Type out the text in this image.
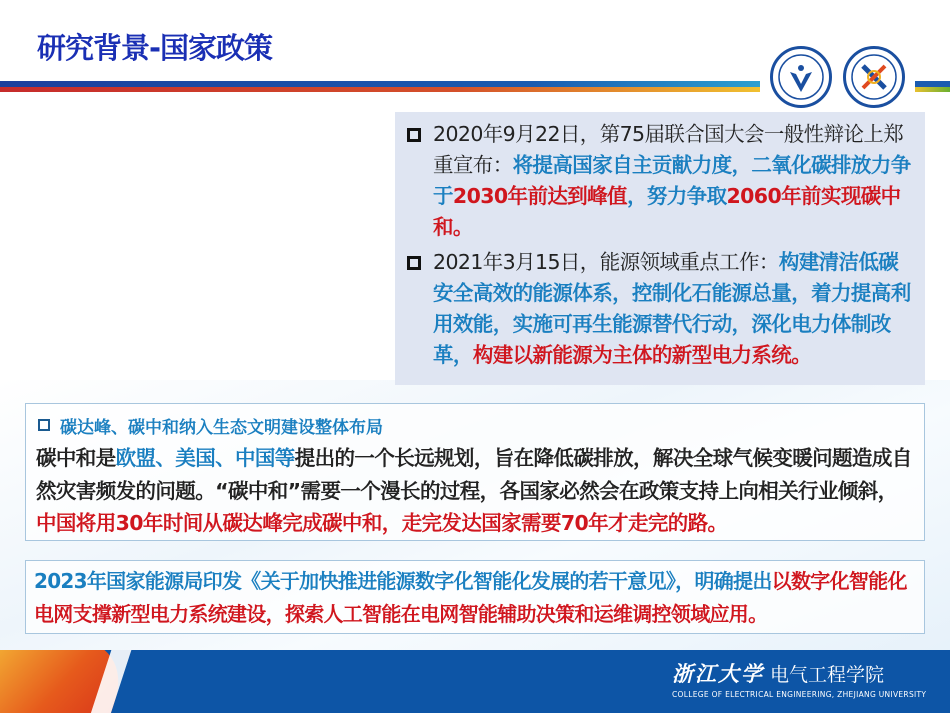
研究背景-国家政策
2020年9月22日，第75届联合国大会一般性辩论上郑重宣布：将提高国家自主贡献力度，二氧化碳排放力争于2030年前达到峰值，努力争取2060年前实现碳中和。
2021年3月15日，能源领域重点工作：构建清洁低碳安全高效的能源体系，控制化石能源总量，着力提高利用效能，实施可再生能源替代行动，深化电力体制改革，构建以新能源为主体的新型电力系统。
碳达峰、碳中和纳入生态文明建设整体布局
碳中和是欧盟、美国、中国等提出的一个长远规划，旨在降低碳排放，解决全球气候变暖问题造成自然灾害频发的问题。“碳中和”需要一个漫长的过程，各国家必然会在政策支持上向相关行业倾斜，中国将用30年时间从碳达峰完成碳中和，走完发达国家需要70年才走完的路。
2023年国家能源局印发《关于加快推进能源数字化智能化发展的若干意见》，明确提出以数字化智能化电网支撑新型电力系统建设，探索人工智能在电网智能辅助决策和运维调控领域应用。
浙江大学 电气工程学院
COLLEGE OF ELECTRICAL ENGINEERING, ZHEJIANG UNIVERSITY
